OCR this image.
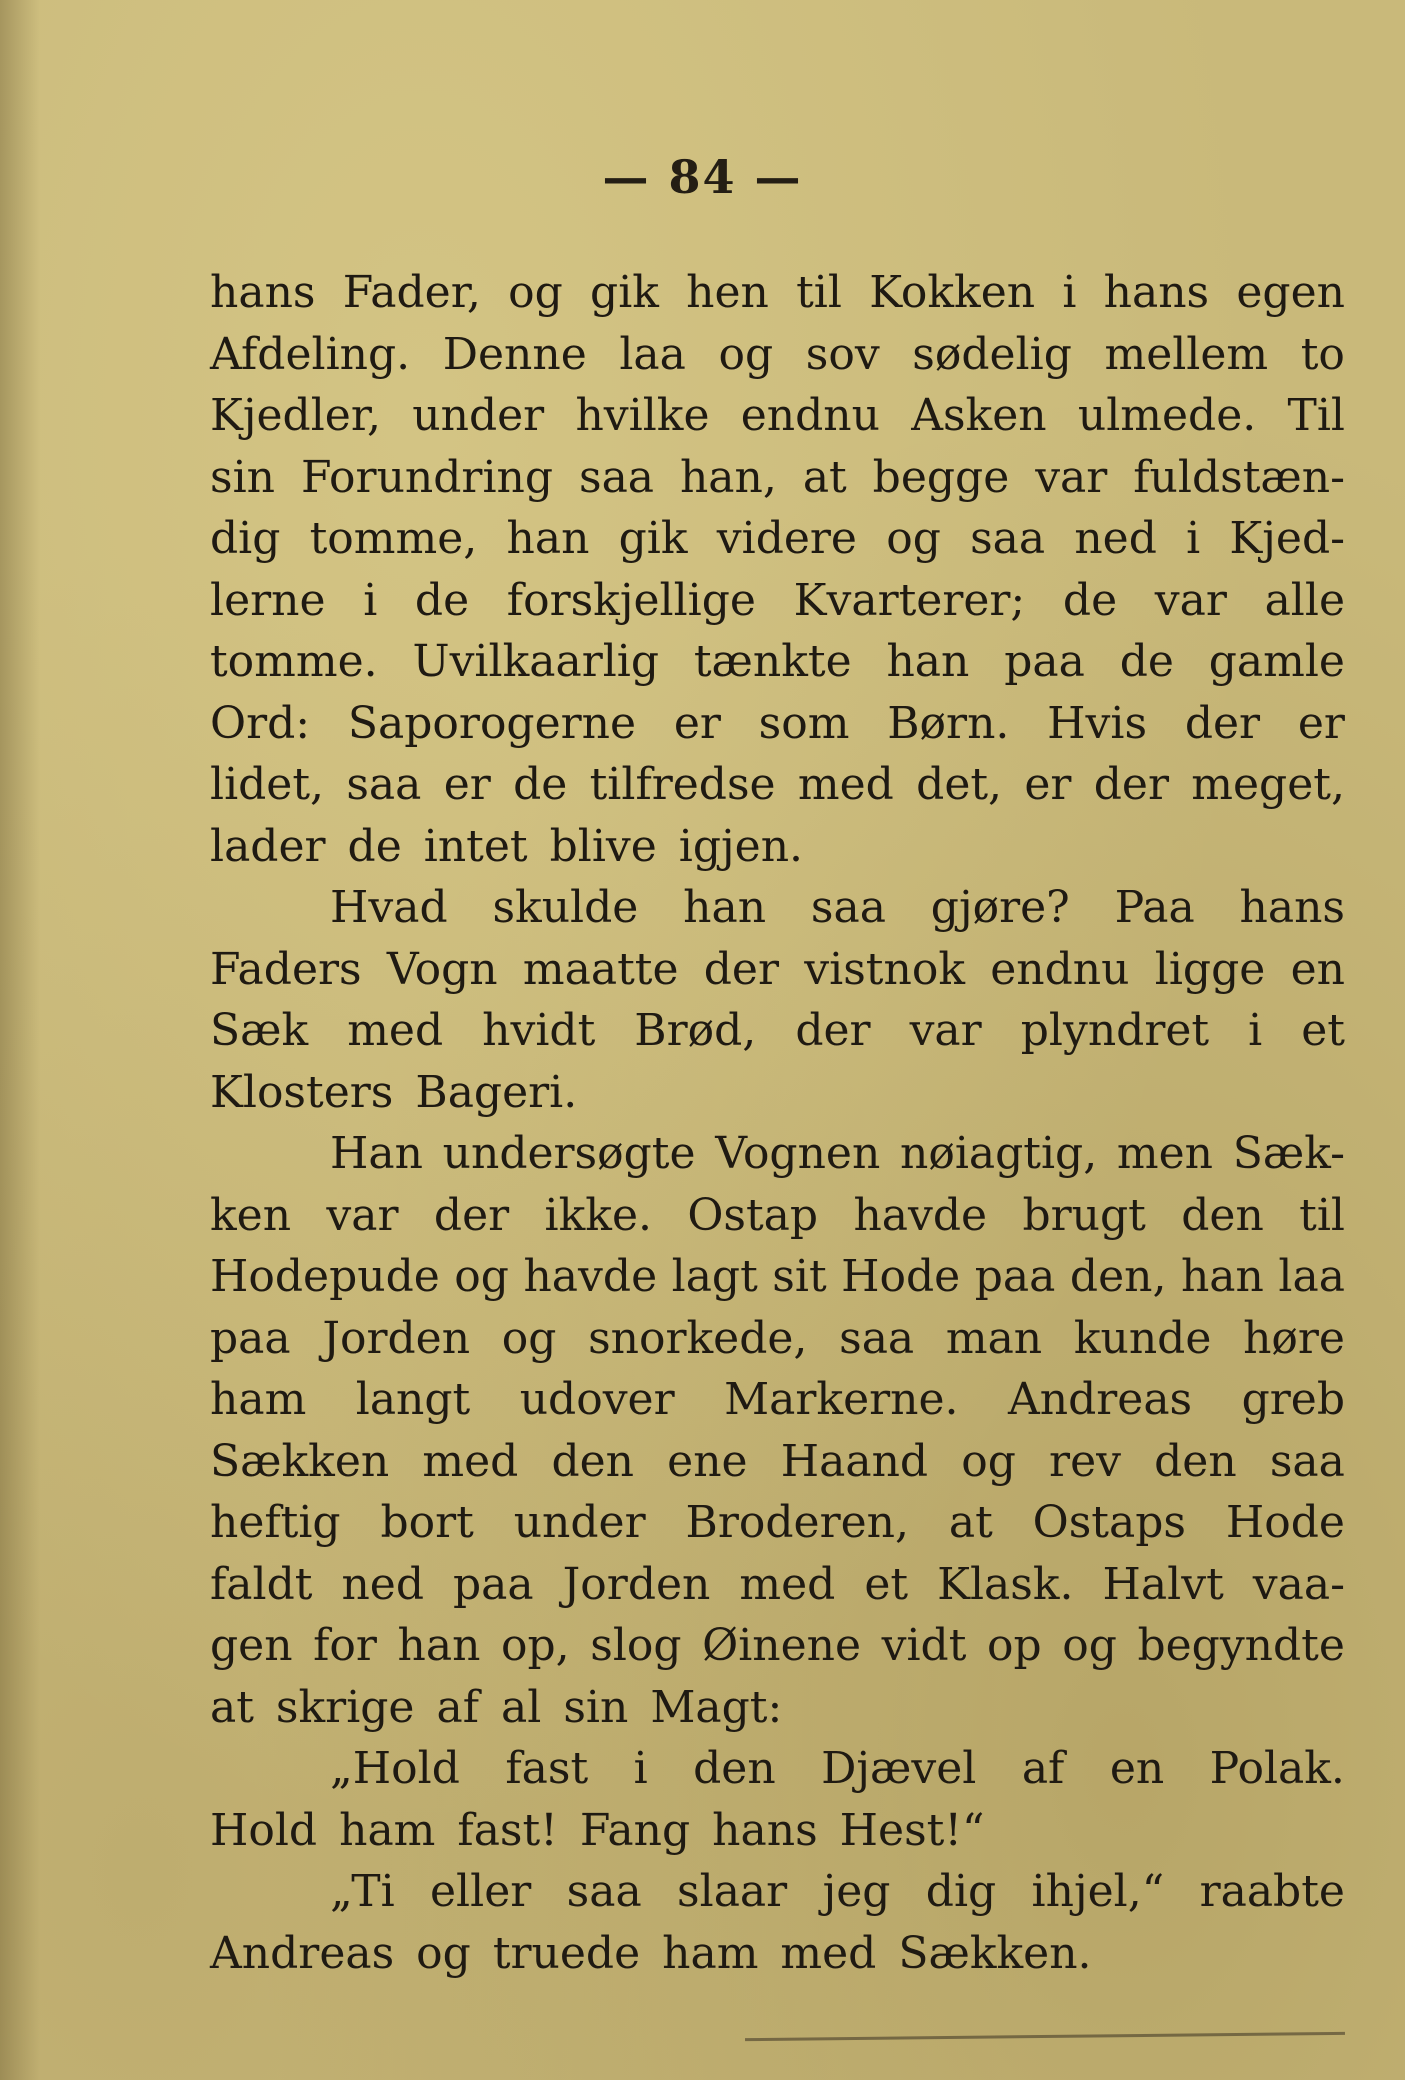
— 84 —
hans Fader, og gik hen til Kokken i hans egen
Afdeling. Denne laa og sov sødelig mellem to
Kjedler, under hvilke endnu Asken ulmede. Til
sin Forundring saa han, at begge var fuldstæn-
dig tomme, han gik videre og saa ned i Kjed-
lerne i de forskjellige Kvarterer; de var alle
tomme. Uvilkaarlig tænkte han paa de gamle
Ord: Saporogerne er som Børn. Hvis der er
lidet, saa er de tilfredse med det, er der meget,
lader de intet blive igjen.
Hvad skulde han saa gjøre? Paa hans
Faders Vogn maatte der vistnok endnu ligge en
Sæk med hvidt Brød, der var plyndret i et
Klosters Bageri.
Han undersøgte Vognen nøiagtig, men Sæk-
ken var der ikke. Ostap havde brugt den til
Hodepude og havde lagt sit Hode paa den, han laa
paa Jorden og snorkede, saa man kunde høre
ham langt udover Markerne. Andreas greb
Sækken med den ene Haand og rev den saa
heftig bort under Broderen, at Ostaps Hode
faldt ned paa Jorden med et Klask. Halvt vaa-
gen for han op, slog Øinene vidt op og begyndte
at skrige af al sin Magt:
„Hold fast i den Djævel af en Polak.
Hold ham fast! Fang hans Hest!“
„Ti eller saa slaar jeg dig ihjel,“ raabte
Andreas og truede ham med Sækken.
